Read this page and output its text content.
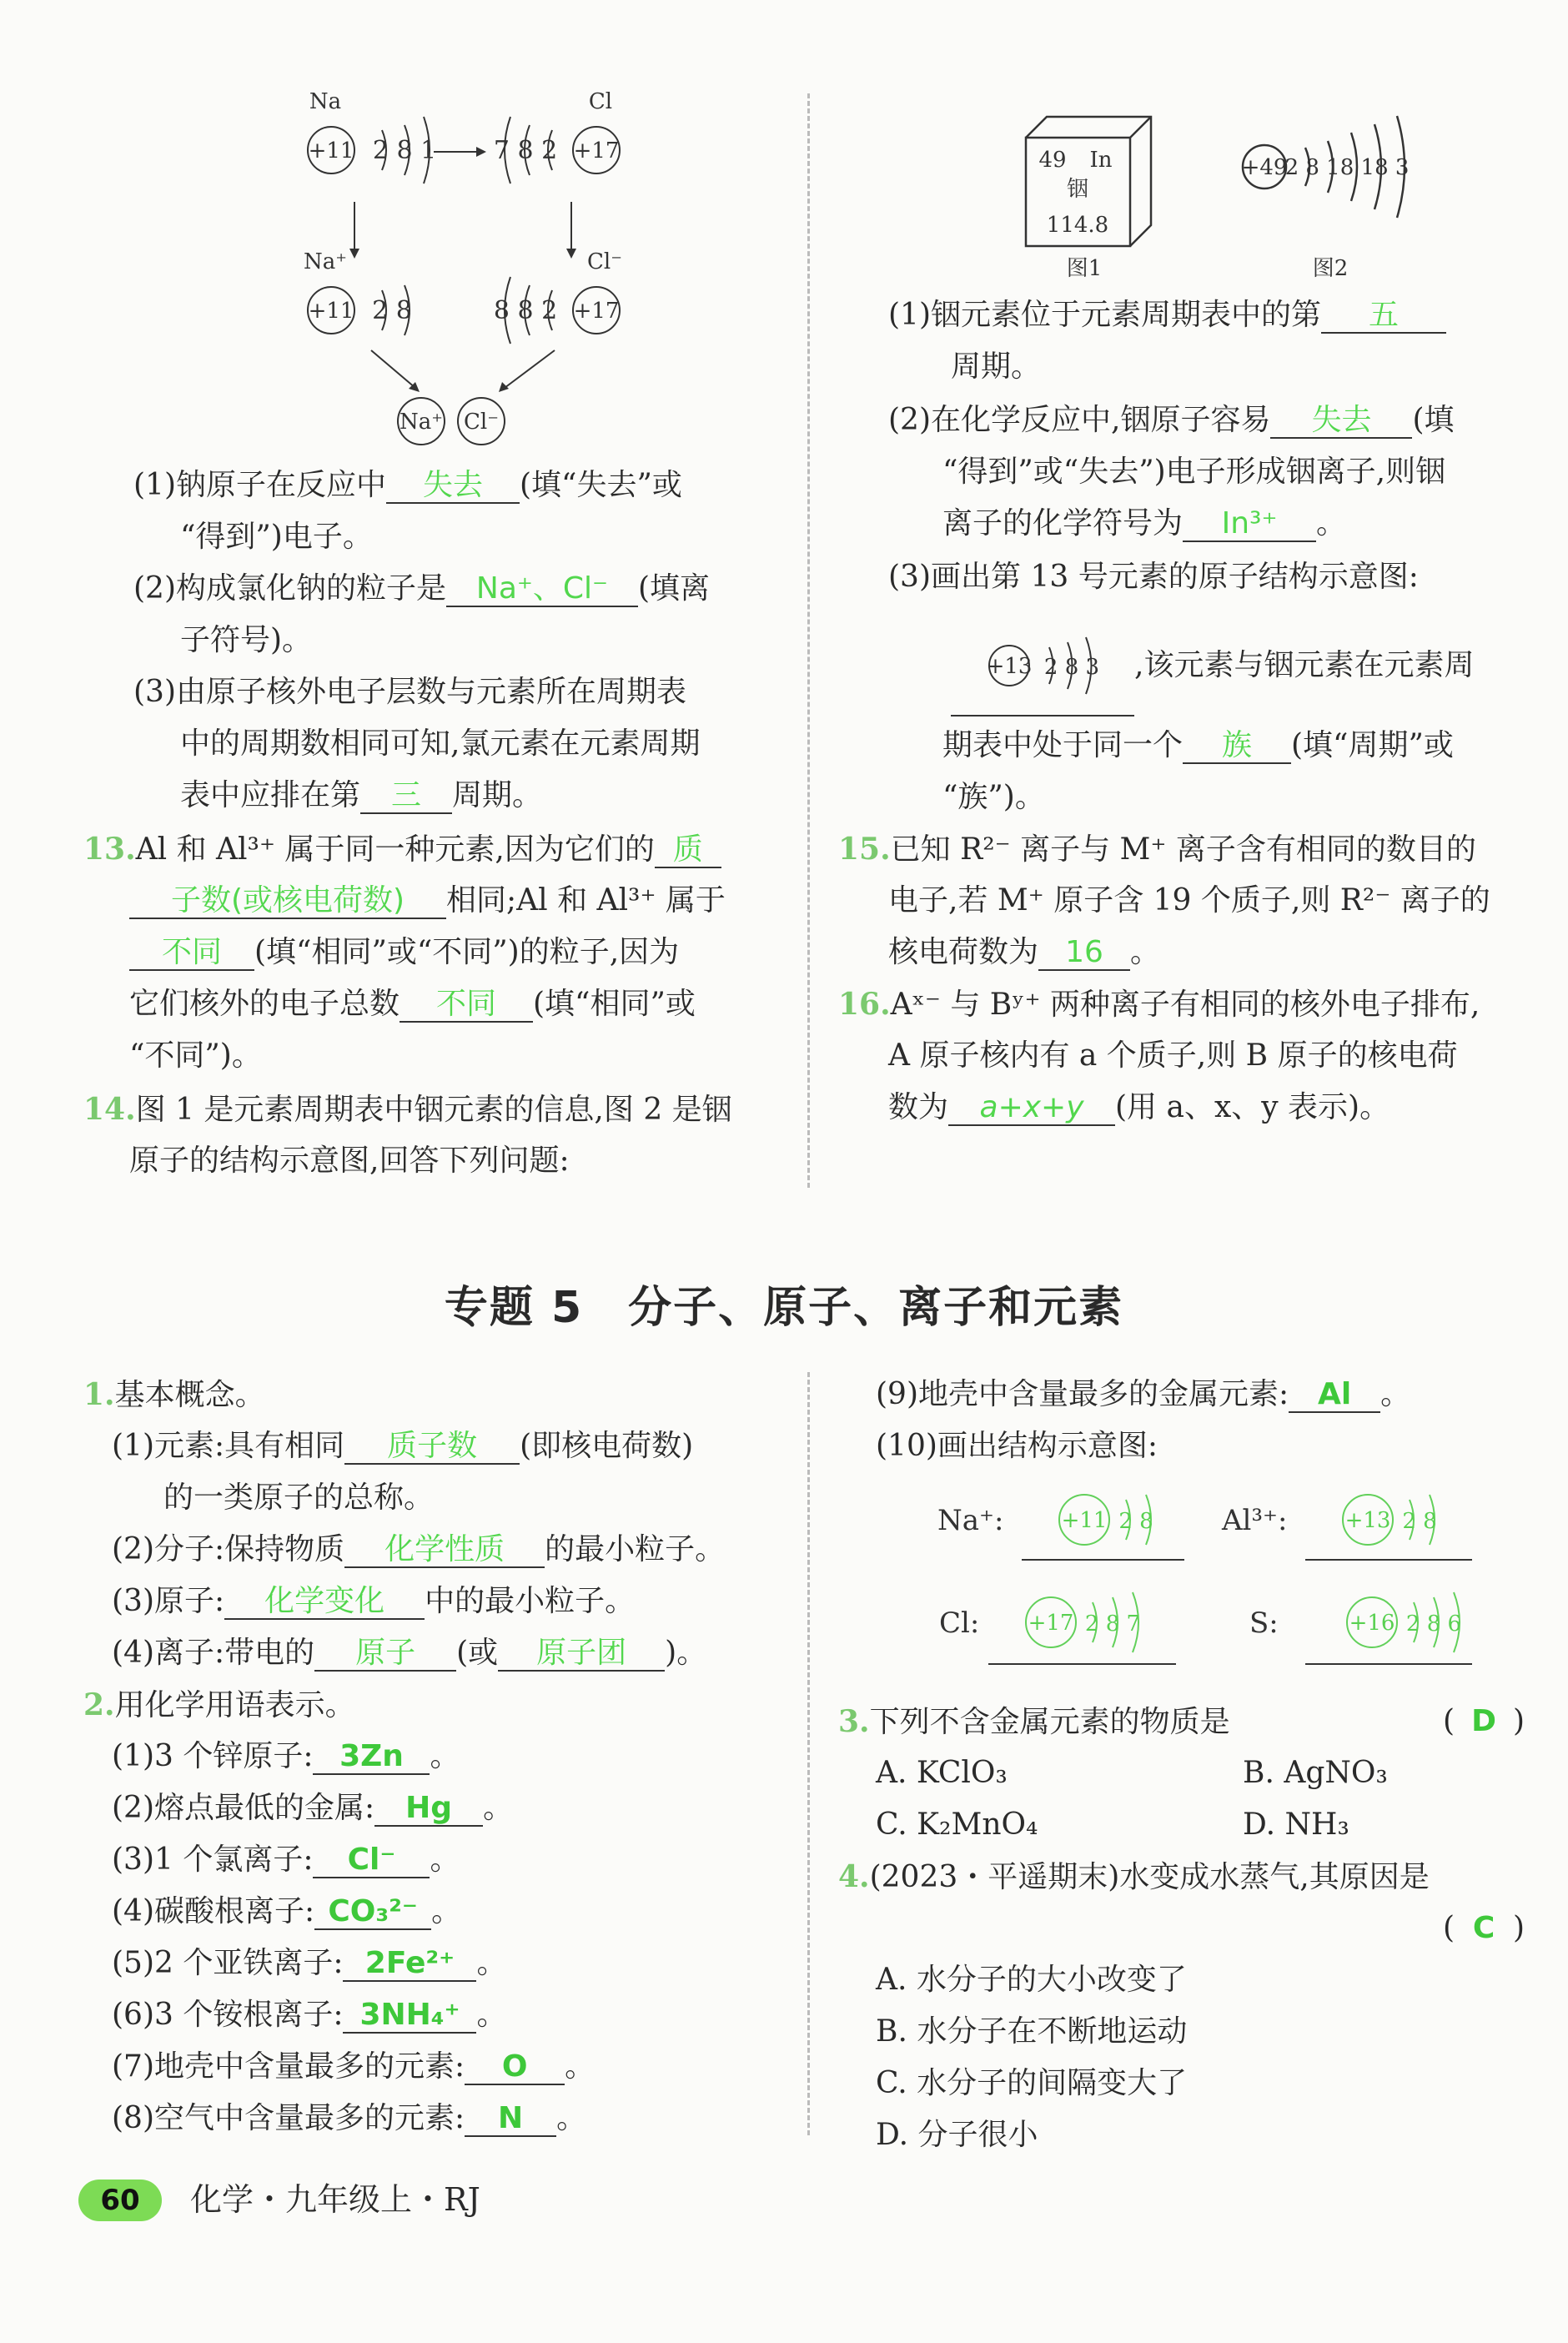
Na	Cl
Na⁺	Cl⁻
+11	+17
+11	+17
2 8 1 7 8 2
2 8	8 8 2
Na⁺ Cl⁻
(1)钠原子在反应中 失去 (填“失去”或
“得到”)电子。
(2)构成氯化钠的粒子是 Na⁺、Cl⁻ (填离
子符号)。
(3)由原子核外电子层数与元素所在周期表
中的周期数相同可知,氯元素在元素周期
表中应排在第 三 周期。
13.Al 和 Al³⁺ 属于同一种元素,因为它们的 质
子数(或核电荷数) 相同;Al 和 Al³⁺ 属于
不同 (填“相同”或“不同”)的粒子,因为
它们核外的电子总数 不同 (填“相同”或
“不同”)。
14.图 1 是元素周期表中铟元素的信息,图 2 是铟
原子的结构示意图,回答下列问题:
49 In
铟
114.8
图1	图2
+49
2 8 18 18 3
(1)铟元素位于元素周期表中的第 五
周期。
(2)在化学反应中,铟原子容易 失去 (填
“得到”或“失去”)电子形成铟离子,则铟
离子的化学符号为 In³⁺ 。
(3)画出第 13 号元素的原子结构示意图:
+13 2 8 3 ,该元素与铟元素在元素周
期表中处于同一个 族 (填“周期”或
“族”)。
15.已知 R²⁻ 离子与 M⁺ 离子含有相同的数目的
电子,若 M⁺ 原子含 19 个质子,则 R²⁻ 离子的
核电荷数为 16 。
16.Aˣ⁻ 与 Bʸ⁺ 两种离子有相同的核外电子排布,
A 原子核内有 a 个质子,则 B 原子的核电荷
数为 a+x+y (用 a、x、y 表示)。
专题 5　分子、原子、离子和元素
1.基本概念。
(1)元素:具有相同 质子数 (即核电荷数)
的一类原子的总称。
(2)分子:保持物质 化学性质 的最小粒子。
(3)原子: 化学变化 中的最小粒子。
(4)离子:带电的 原子 (或 原子团 )。
2.用化学用语表示。
(1)3 个锌原子: 3Zn 。
(2)熔点最低的金属: Hg 。
(3)1 个氯离子: Cl⁻ 。
(4)碳酸根离子: CO₃²⁻ 。
(5)2 个亚铁离子: 2Fe²⁺ 。
(6)3 个铵根离子: 3NH₄⁺ 。
(7)地壳中含量最多的元素: O 。
(8)空气中含量最多的元素: N 。
(9)地壳中含量最多的金属元素: Al 。
(10)画出结构示意图:
Na⁺:	Al³⁺:
Cl:	S:
+11 2 8	+13 2 8
+17 2 8 7	+16 2 8 6
3.下列不含金属元素的物质是	( D )
A. KClO₃	B. AgNO₃
C. K₂MnO₄	D. NH₃
4.(2023・平遥期末)水变成水蒸气,其原因是
( C )
A. 水分子的大小改变了
B. 水分子在不断地运动
C. 水分子的间隔变大了
D. 分子很小
60	化学・九年级上・RJ
